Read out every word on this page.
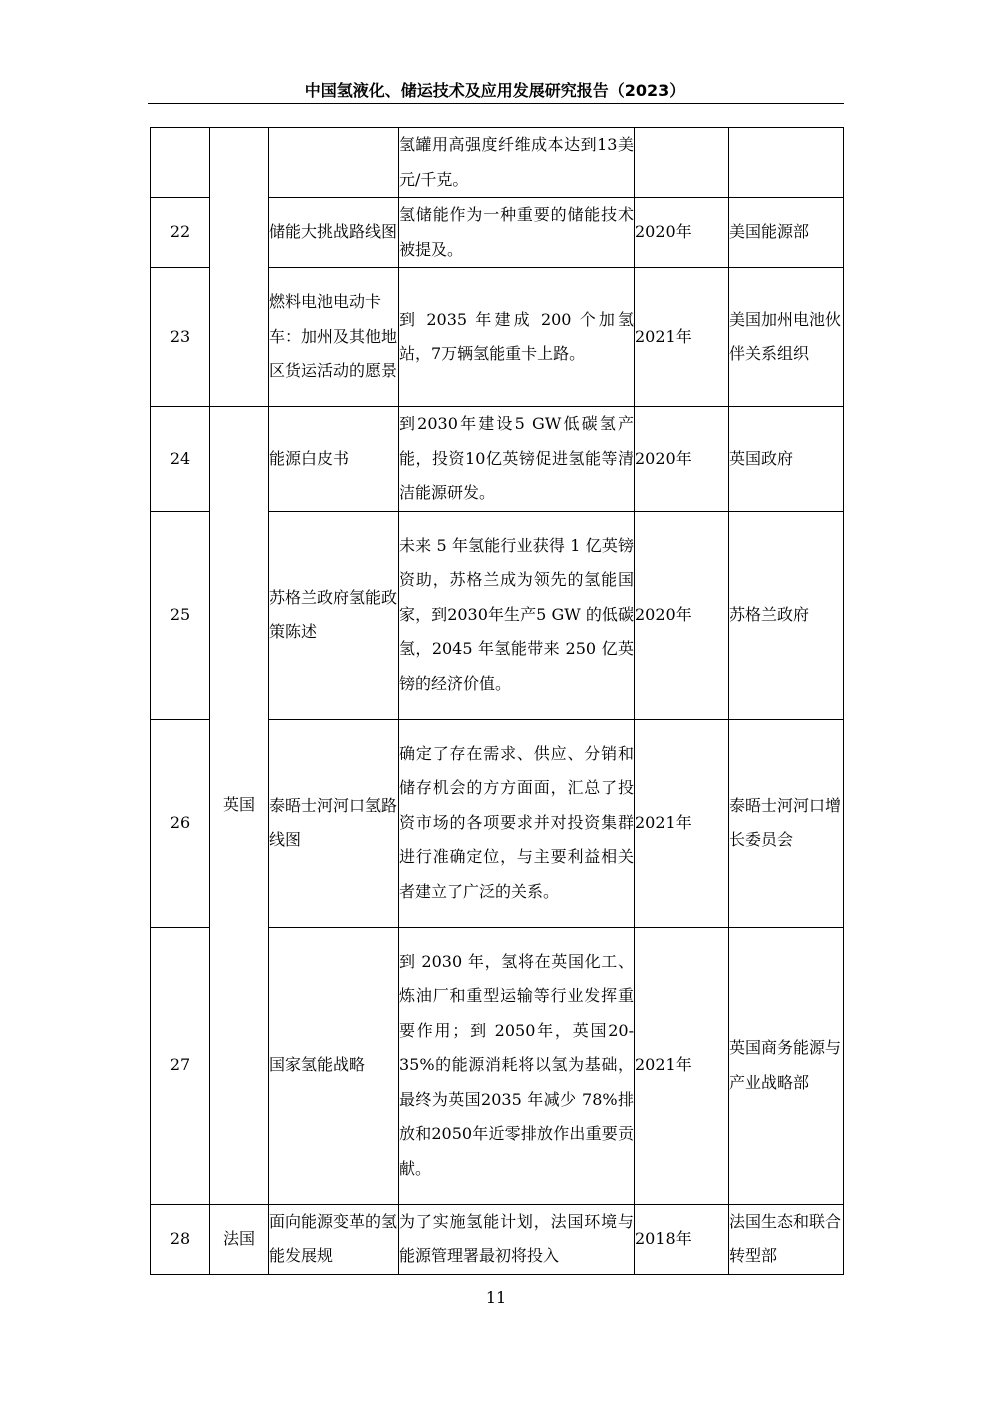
中国氢液化、储运技术及应用发展研究报告（2023）
			氢罐用高强度纤维成本达到13美元/千克。		
22		储能大挑战路线图	氢储能作为一种重要的储能技术被提及。	2020年	美国能源部
23		燃料电池电动卡车：加州及其他地区货运活动的愿景	到 2035 年建成 200 个加氢站，7万辆氢能重卡上路。	2021年	美国加州电池伙伴关系组织
24	英国	能源白皮书	到2030年建设5 GW低碳氢产能，投资10亿英镑促进氢能等清洁能源研发。	2020年	英国政府
25		苏格兰政府氢能政策陈述	未来 5 年氢能行业获得 1 亿英镑资助，苏格兰成为领先的氢能国家，到2030年生产5 GW 的低碳氢，2045 年氢能带来 250 亿英镑的经济价值。	2020年	苏格兰政府
26		泰晤士河河口氢路线图	确定了存在需求、供应、分销和储存机会的方方面面，汇总了投资市场的各项要求并对投资集群进行准确定位，与主要利益相关者建立了广泛的关系。	2021年	泰晤士河河口增长委员会
27		国家氢能战略	到 2030 年，氢将在英国化工、炼油厂和重型运输等行业发挥重要作用；到 2050年，英国20-35%的能源消耗将以氢为基础，最终为英国2035 年减少 78%排放和2050年近零排放作出重要贡献。	2021年	英国商务能源与产业战略部
28	法国	面向能源变革的氢能发展规	为了实施氢能计划，法国环境与能源管理署最初将投入	2018年	法国生态和联合转型部
11
